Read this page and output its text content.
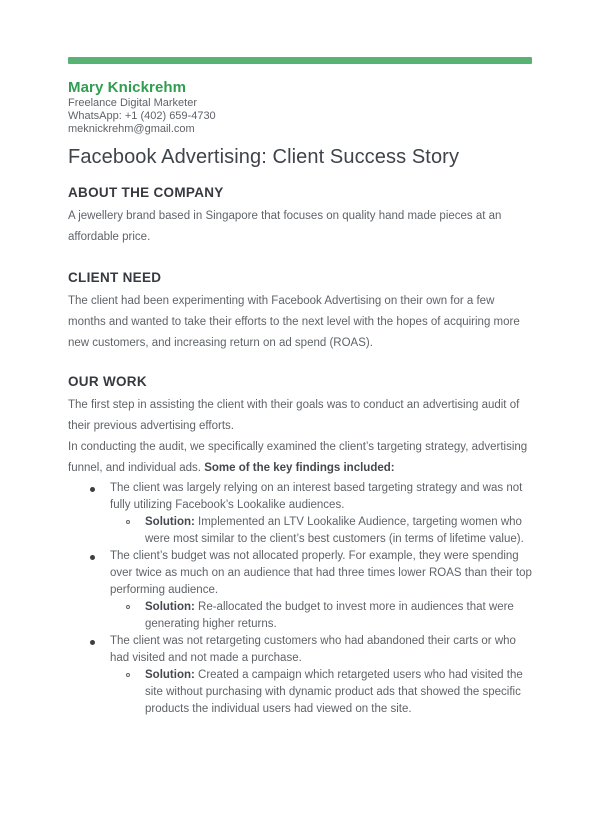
Mary Knickrehm
Freelance Digital Marketer
WhatsApp: +1 (402) 659-4730
meknickrehm@gmail.com
Facebook Advertising: Client Success Story
ABOUT THE COMPANY

A jewellery brand based in Singapore that focuses on quality hand made pieces at an affordable price.

CLIENT NEED

The client had been experimenting with Facebook Advertising on their own for a few months and wanted to take their efforts to the next level with the hopes of acquiring more new customers, and increasing return on ad spend (ROAS).

OUR WORK

The first step in assisting the client with their goals was to conduct an advertising audit of their previous advertising efforts.

In conducting the audit, we specifically examined the client’s targeting strategy, advertising funnel, and individual ads. Some of the key findings included:

The client was largely relying on an interest based targeting strategy and was not fully utilizing Facebook’s Lookalike audiences.
Solution: Implemented an LTV Lookalike Audience, targeting women who were most similar to the client’s best customers (in terms of lifetime value).
The client’s budget was not allocated properly. For example, they were spending over twice as much on an audience that had three times lower ROAS than their top performing audience.
Solution: Re-allocated the budget to invest more in audiences that were generating higher returns.
The client was not retargeting customers who had abandoned their carts or who had visited and not made a purchase.
Solution: Created a campaign which retargeted users who had visited the site without purchasing with dynamic product ads that showed the specific products the individual users had viewed on the site.
